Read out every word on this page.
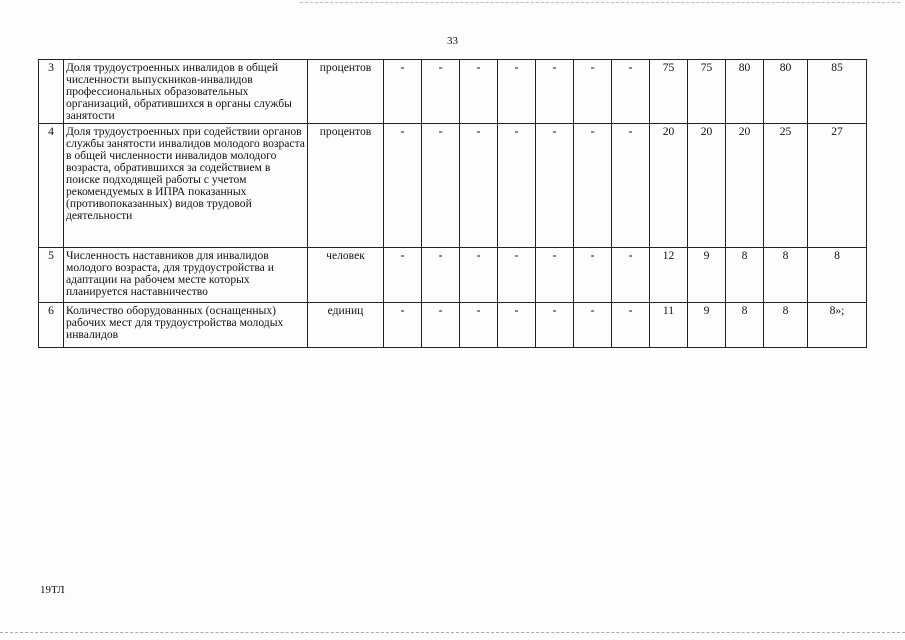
33
3	Доля трудоустроенных инвалидов в общей численности выпускников-инвалидов профессиональных образовательных организаций, обратившихся в органы службы занятости	процентов	-	-	-	-	-	-	-	75	75	80	80	85
4	Доля трудоустроенных при содействии органов службы занятости инвалидов молодого возраста в общей численности инвалидов молодого возраста, обратившихся за содействием в поиске подходящей работы с учетом рекомендуемых в ИПРА показанных (противопоказанных) видов трудовой деятельности	процентов	-	-	-	-	-	-	-	20	20	20	25	27
5	Численность наставников для инвалидов молодого возраста, для трудоустройства и адаптации на рабочем месте которых планируется наставничество	человек	-	-	-	-	-	-	-	12	9	8	8	8
6	Количество оборудованных (оснащенных) рабочих мест для трудоустройства молодых инвалидов	единиц	-	-	-	-	-	-	-	11	9	8	8	8»;
19ТЛ
